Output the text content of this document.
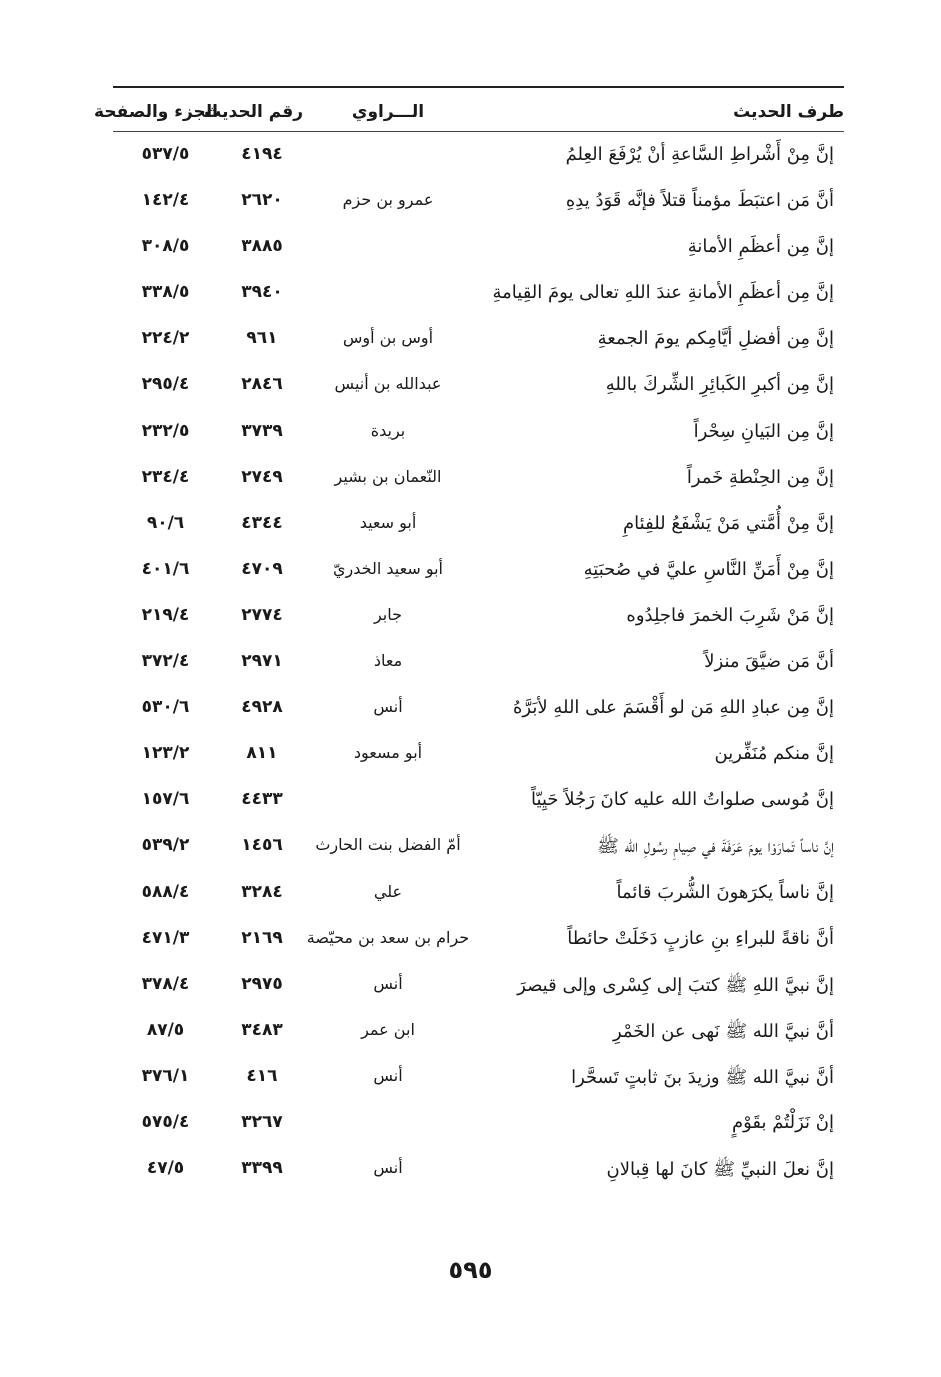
طرف الحديث
الـــراوي
رقم الحديث
الجزء والصفحة
إنَّ مِنْ أَشْراطِ السَّاعةِ أنْ يُرْفَعَ العِلمُ
٤١٩٤
٥٣٧/٥
أنَّ مَن اعتبَطَ مؤمناً قتلاً فإنَّه قَوَدُ يدِهِ
عمرو بن حزم
٢٦٢٠
١٤٢/٤
إنَّ مِن أعظَمِ الأمانةِ
٣٨٨٥
٣٠٨/٥
إنَّ مِن أعظَمِ الأمانةِ عندَ اللهِ تعالى يومَ القِيامةِ
٣٩٤٠
٣٣٨/٥
إنَّ مِن أفضلِ أيَّامِكم يومَ الجمعةِ
أوس بن أوس
٩٦١
٢٢٤/٢
إنَّ مِن أكبرِ الكَبائِرِ الشِّركَ باللهِ
عبدالله بن أنيس
٢٨٤٦
٢٩٥/٤
إنَّ مِن البَيانِ سِحْراً
بريدة
٣٧٣٩
٢٣٢/٥
إنَّ مِن الحِنْطةِ خَمراً
النّعمان بن بشير
٢٧٤٩
٢٣٤/٤
إنَّ مِنْ أُمَّتي مَنْ يَشْفَعُ للفِئامِ
أبو سعيد
٤٣٤٤
٩٠/٦
إنَّ مِنْ أَمَنِّ النَّاسِ عليَّ في صُحبَتِهِ
أبو سعيد الخدريّ
٤٧٠٩
٤٠١/٦
إنَّ مَنْ شَرِبَ الخمرَ فاجلِدُوه
جابر
٢٧٧٤
٢١٩/٤
أنَّ مَن ضيَّقَ منزلاً
معاذ
٢٩٧١
٣٧٢/٤
إنَّ مِن عبادِ اللهِ مَن لو أَقْسَمَ على اللهِ لأبَرَّهُ
أنس
٤٩٢٨
٥٣٠/٦
إنَّ منكم مُنَفِّرين
أبو مسعود
٨١١
١٢٣/٢
إنَّ مُوسى صلواتُ الله عليه كانَ رَجُلاً حَيِيّاً
٤٤٣٣
١٥٧/٦
إنَّ ناساً تَمارَوْا يومَ عَرَفَةَ في صِيامِ رسُولِ الله ﷺ
أمّ الفضل بنت الحارث
١٤٥٦
٥٣٩/٢
إنَّ ناساً يكرَهونَ الشُّربَ قائماً
علي
٣٢٨٤
٥٨٨/٤
أنَّ ناقةً للبراءِ بنِ عازبٍ دَخَلَتْ حائطاً
حرام بن سعد بن محيّصة
٢١٦٩
٤٧١/٣
إنَّ نبيَّ اللهِ ﷺ كتبَ إلى كِسْرى وإلى قيصرَ
أنس
٢٩٧٥
٣٧٨/٤
أنَّ نبيَّ الله ﷺ نَهى عن الخَمْرِ
ابن عمر
٣٤٨٣
٨٧/٥
أنَّ نبيَّ الله ﷺ وزيدَ بنَ ثابتٍ تَسحَّرا
أنس
٤١٦
٣٧٦/١
إنْ نَزَلْتُمْ بقَوْمٍ
٣٢٦٧
٥٧٥/٤
إنَّ نعلَ النبيِّ ﷺ كانَ لها قِبالانِ
أنس
٣٣٩٩
٤٧/٥
٥٩٥
